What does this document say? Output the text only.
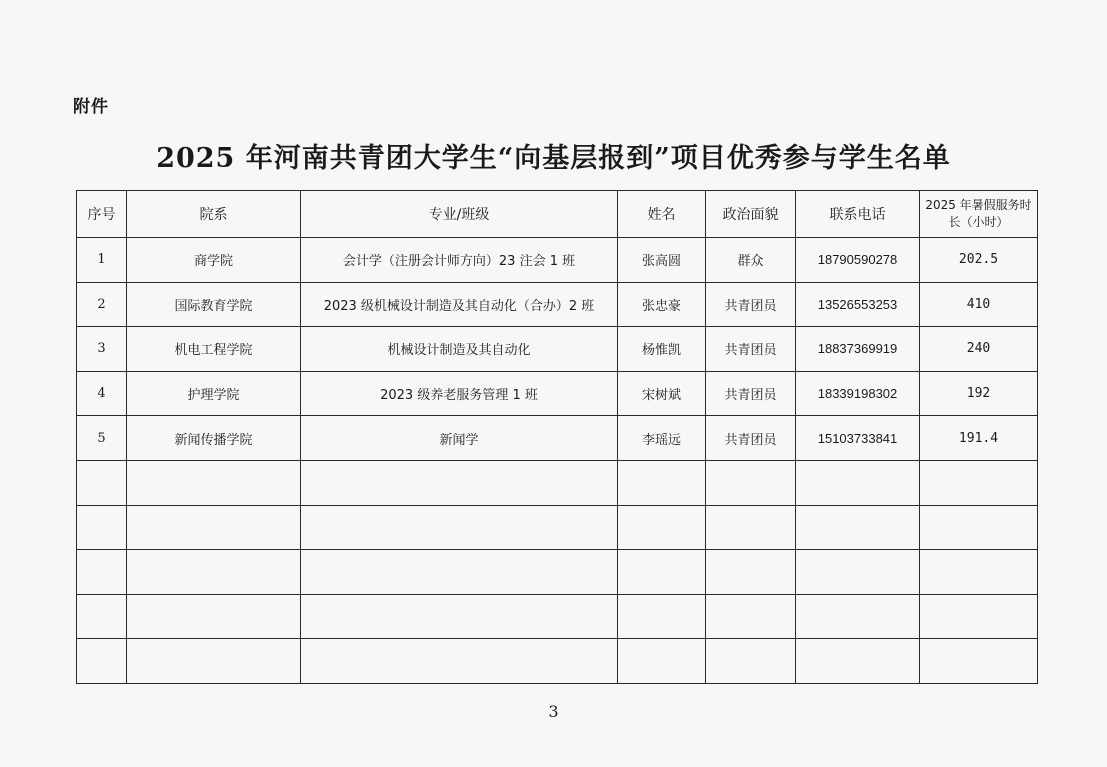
附件
2025 年河南共青团大学生“向基层报到”项目优秀参与学生名单
序号	院系	专业/班级	姓名	政治面貌	联系电话	2025 年暑假服务时长（小时）
1	商学院	会计学（注册会计师方向）23 注会 1 班	张高圆	群众	18790590278	202.5
2	国际教育学院	2023 级机械设计制造及其自动化（合办）2 班	张忠豪	共青团员	13526553253	410
3	机电工程学院	机械设计制造及其自动化	杨惟凯	共青团员	18837369919	240
4	护理学院	2023 级养老服务管理 1 班	宋树斌	共青团员	18339198302	192
5	新闻传播学院	新闻学	李瑶远	共青团员	15103733841	191.4

3
